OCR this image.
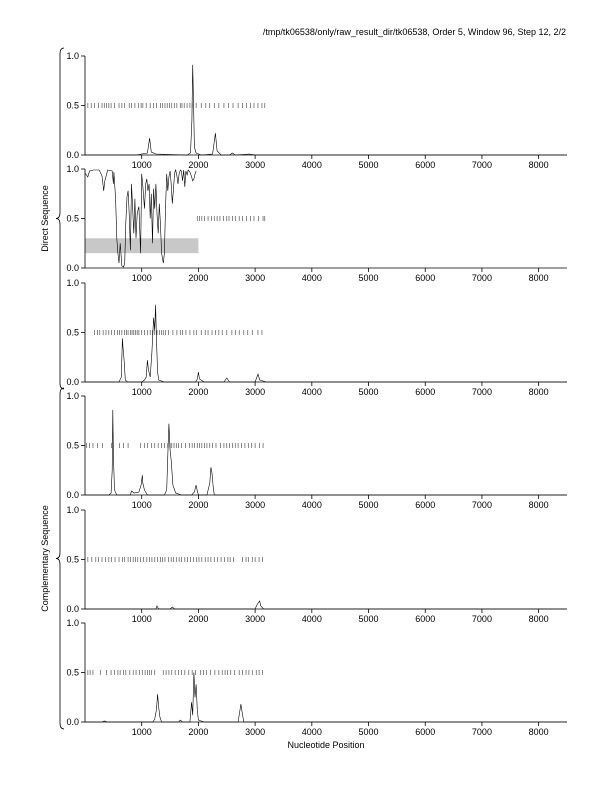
/tmp/tk06538/only/raw_result_dir/tk06538, Order 5, Window 96, Step 12, 2/2
0.0
0.5
1.0
1000	2000	3000	4000	5000	6000	7000	8000
0.0
0.5
1.0
1000	2000	3000	4000	5000	6000	7000	8000
0.0
0.5
1.0
1000	2000	3000	4000	5000	6000	7000	8000
0.0
0.5
1.0
1000	2000	3000	4000	5000	6000	7000	8000
0.0
0.5
1.0
1000	2000	3000	4000	5000	6000	7000	8000
0.0
0.5
1.0
1000	2000	3000	4000	5000	6000	7000	8000
Direct Sequence
Complementary Sequence
Nucleotide Position
